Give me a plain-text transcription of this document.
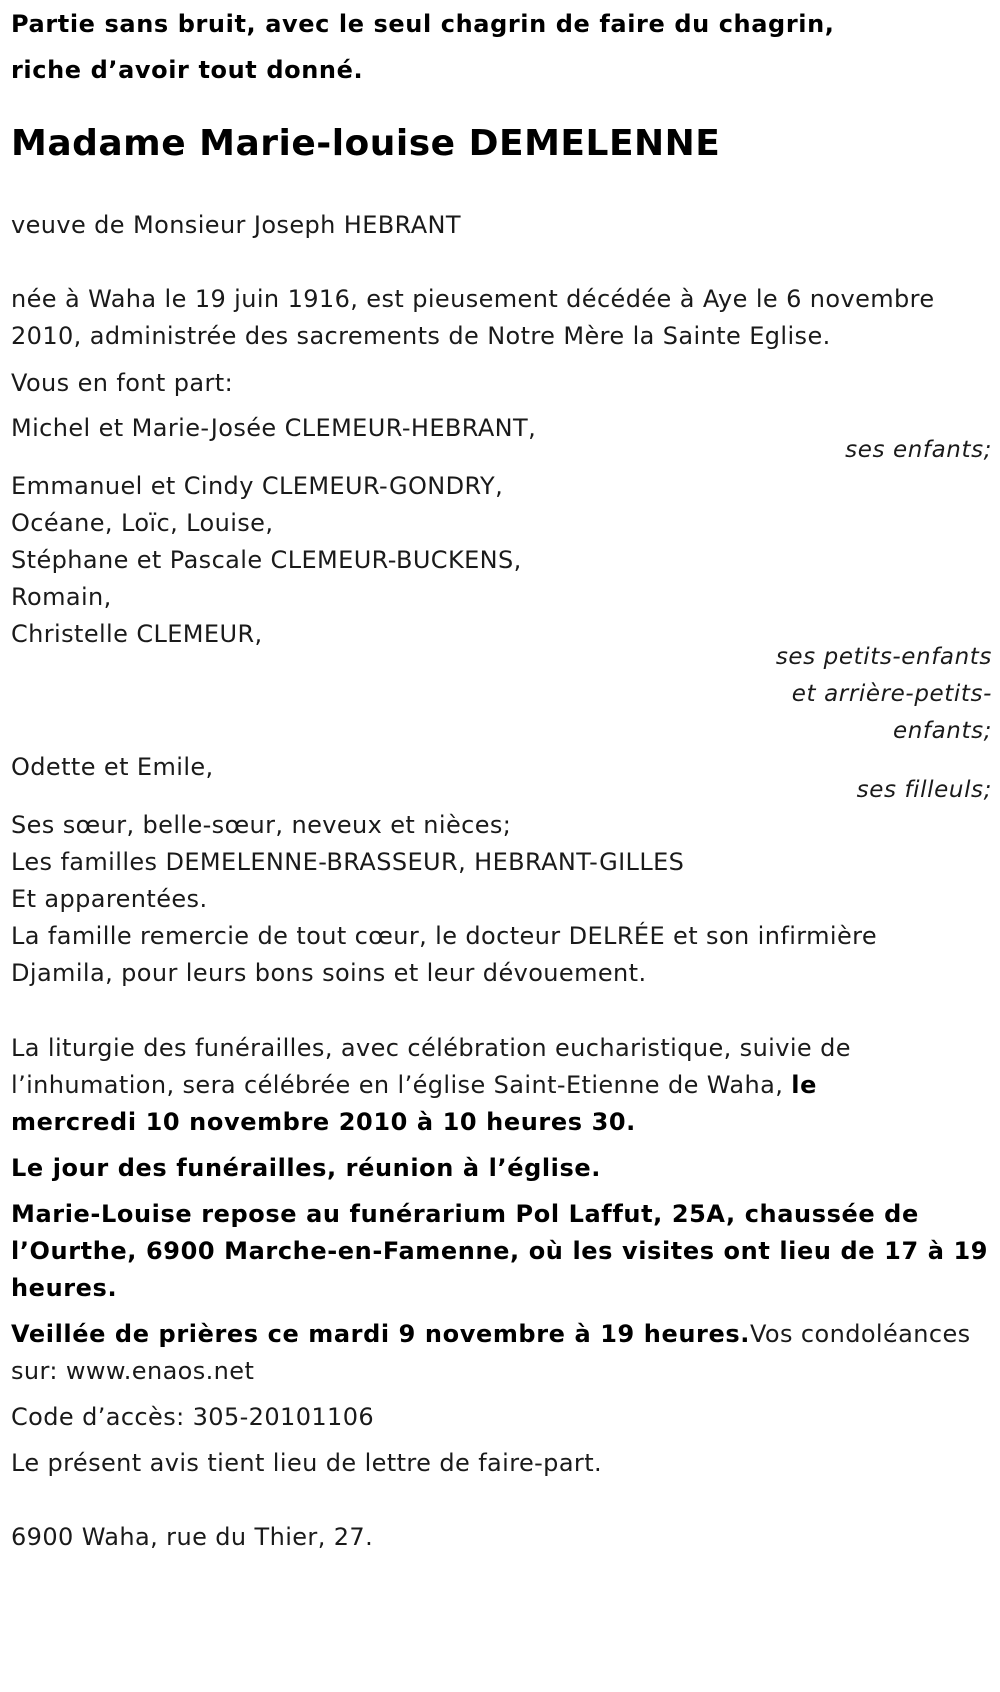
Partie sans bruit, avec le seul chagrin de faire du chagrin,

riche d’avoir tout donné.

Madame Marie-louise DEMELENNE

veuve de Monsieur Joseph HEBRANT

née à Waha le 19 juin 1916, est pieusement décédée à Aye le 6 novembre

2010, administrée des sacrements de Notre Mère la Sainte Eglise.

Vous en font part:

Michel et Marie-Josée CLEMEUR-HEBRANT,

ses enfants;

Emmanuel et Cindy CLEMEUR-GONDRY,

Océane, Loïc, Louise,

Stéphane et Pascale CLEMEUR-BUCKENS,

Romain,

Christelle CLEMEUR,

ses petits-enfants

et arrière-petits-

enfants;

Odette et Emile,

ses filleuls;

Ses sœur, belle-sœur, neveux et nièces;

Les familles DEMELENNE-BRASSEUR, HEBRANT-GILLES

Et apparentées.

La famille remercie de tout cœur, le docteur DELRÉE et son infirmière

Djamila, pour leurs bons soins et leur dévouement.

La liturgie des funérailles, avec célébration eucharistique, suivie de

l’inhumation, sera célébrée en l’église Saint-Etienne de Waha, le

mercredi 10 novembre 2010 à 10 heures 30.

Le jour des funérailles, réunion à l’église.

Marie-Louise repose au funérarium Pol Laffut, 25A, chaussée de

l’Ourthe, 6900 Marche-en-Famenne, où les visites ont lieu de 17 à 19

heures.

Veillée de prières ce mardi 9 novembre à 19 heures.Vos condoléances

sur: www.enaos.net

Code d’accès: 305-20101106

Le présent avis tient lieu de lettre de faire-part.

6900 Waha, rue du Thier, 27.
